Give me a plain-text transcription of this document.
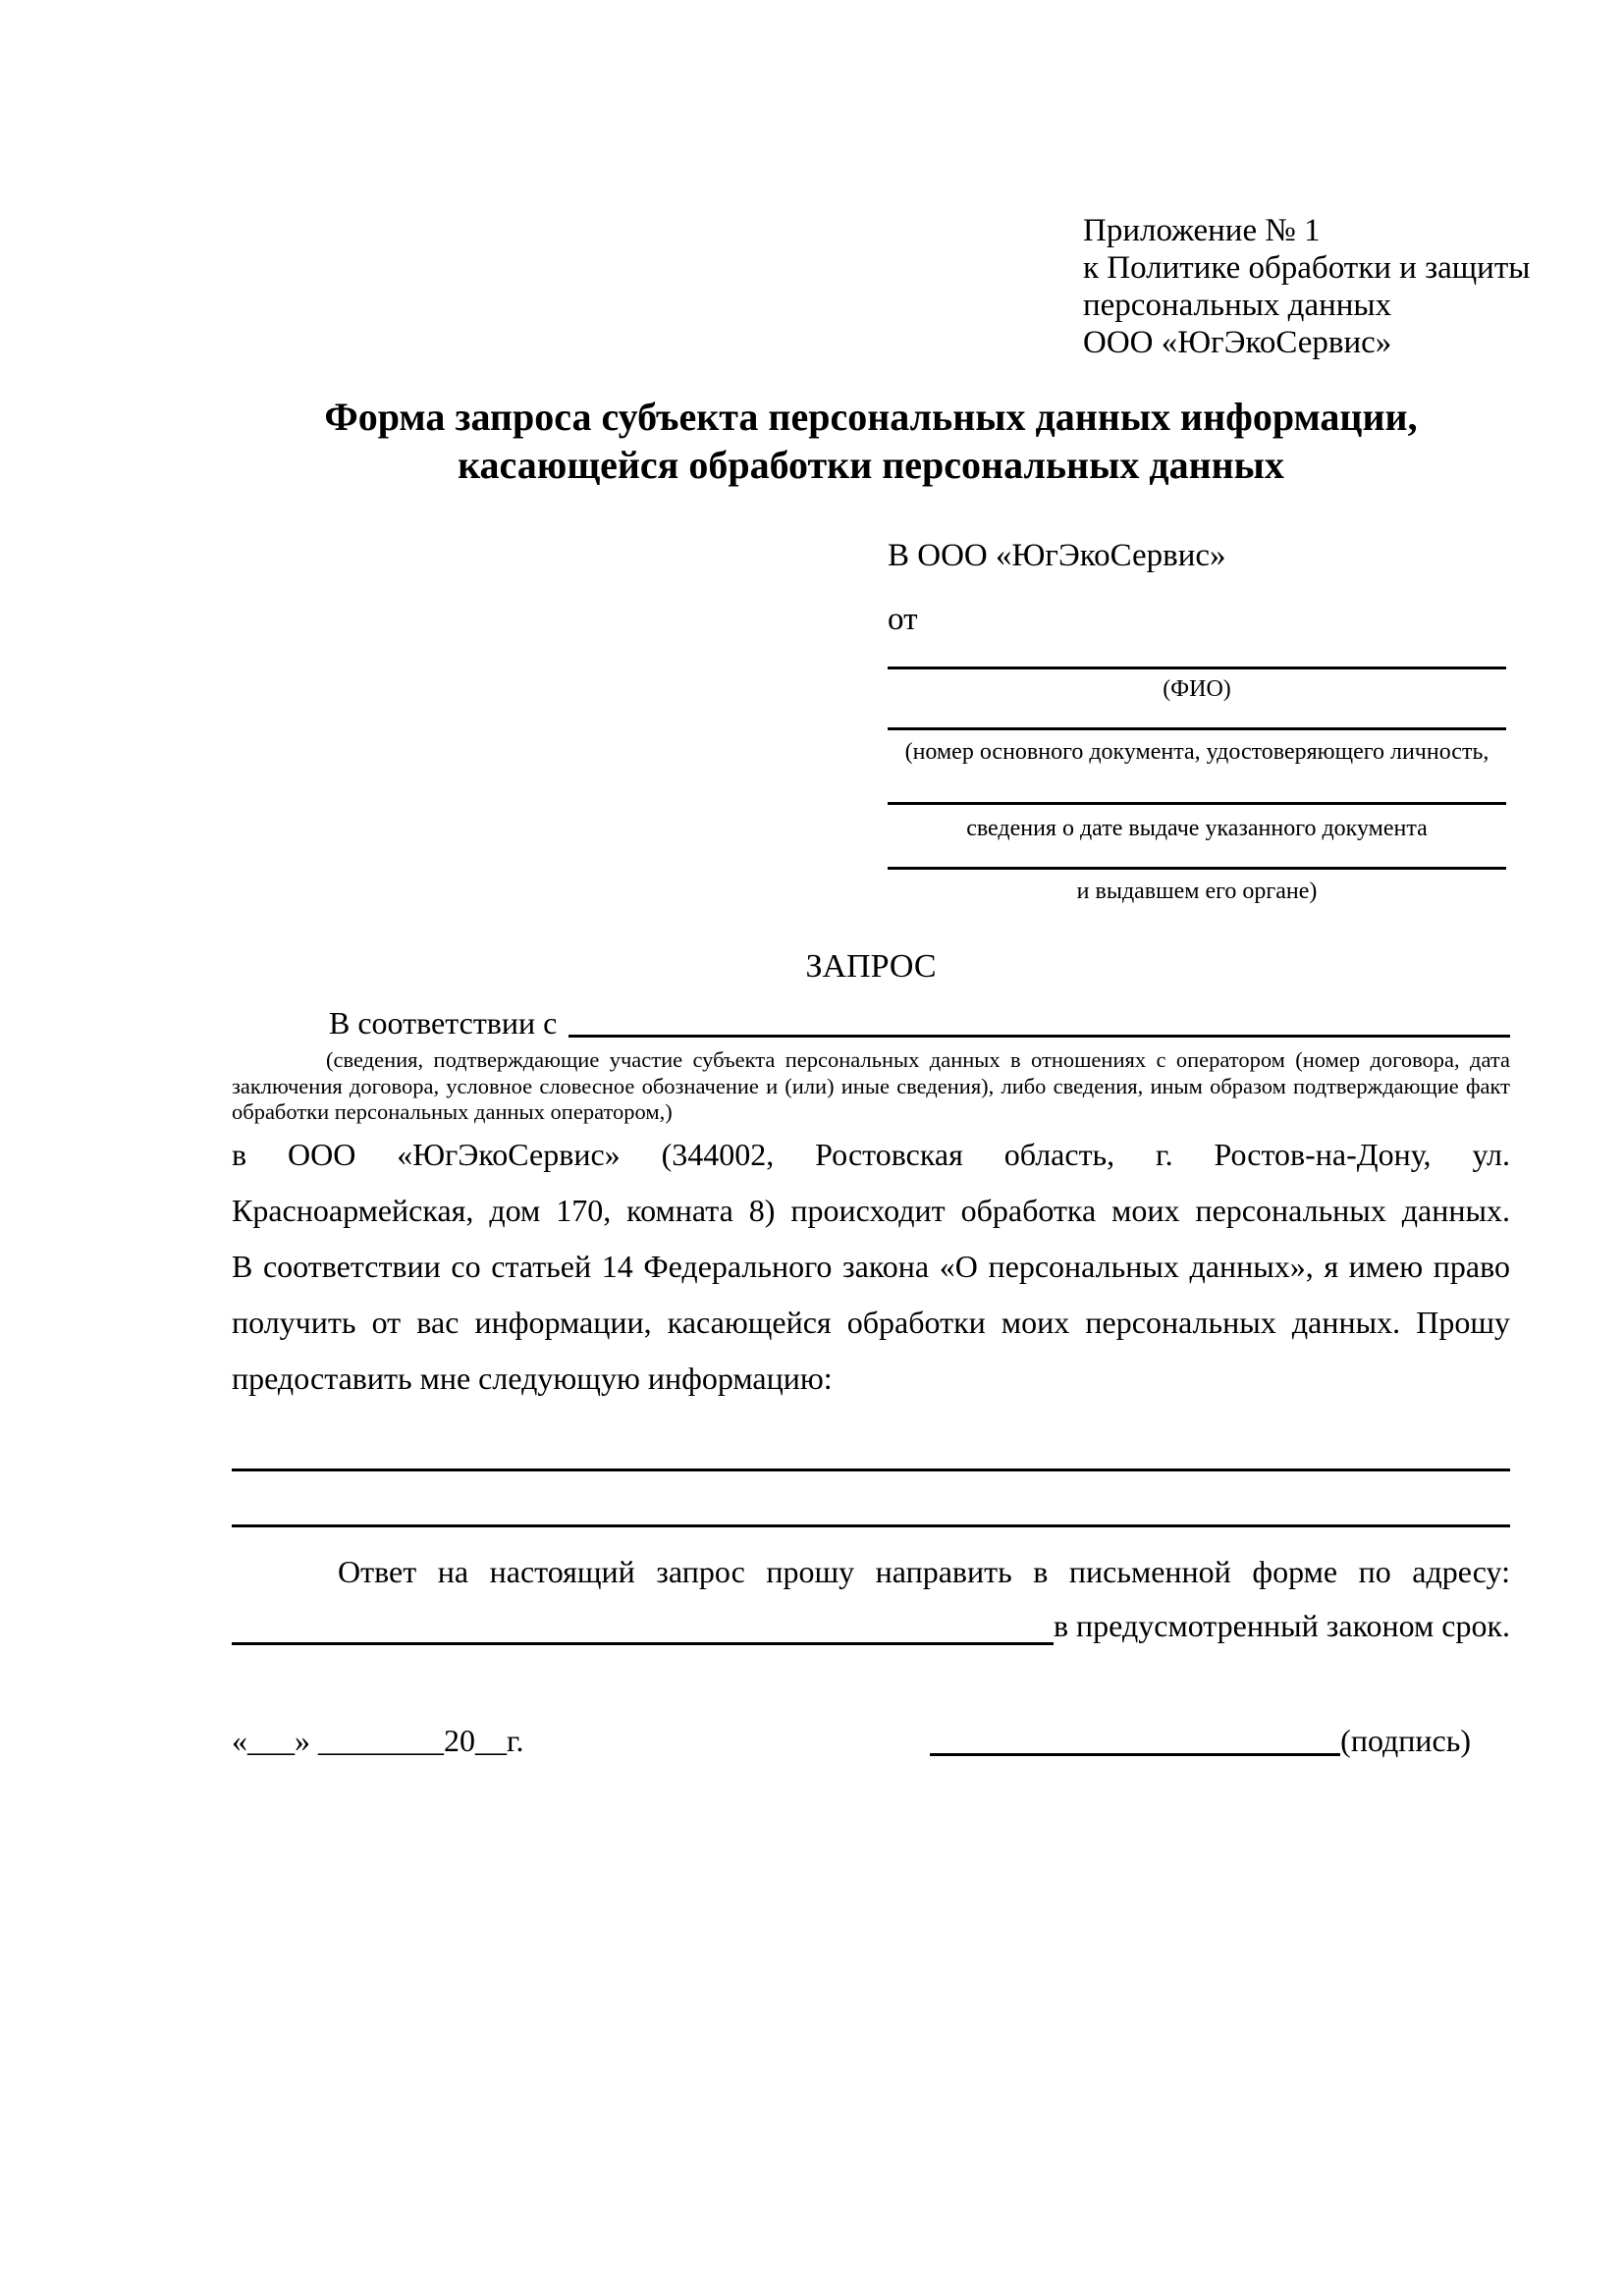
Приложение № 1
к Политике обработки и защиты
персональных данных
ООО «ЮгЭкоСервис»
Форма запроса субъекта персональных данных информации,
касающейся обработки персональных данных
В ООО «ЮгЭкоСервис»
от
(ФИО)
(номер основного документа, удостоверяющего личность,
сведения о дате выдаче указанного документа
и выдавшем его органе)
ЗАПРОС
В соответствии с
(сведения, подтверждающие участие субъекта персональных данных в отношениях с оператором (номер договора, дата
заключения договора, условное словесное обозначение и (или) иные сведения), либо сведения, иным образом подтверждающие факт
обработки персональных данных оператором,)
в ООО «ЮгЭкоСервис» (344002, Ростовская область, г. Ростов-на-Дону, ул.
Красноармейская, дом 170, комната 8) происходит обработка моих персональных данных.
В соответствии со статьей 14 Федерального закона «О персональных данных», я имею право
получить от вас информации, касающейся обработки моих персональных данных. Прошу
предоставить мне следующую информацию:
Ответ на настоящий запрос прошу направить в письменной форме по адресу:
в предусмотренный законом срок.
«___» ________20__г.	(подпись)
